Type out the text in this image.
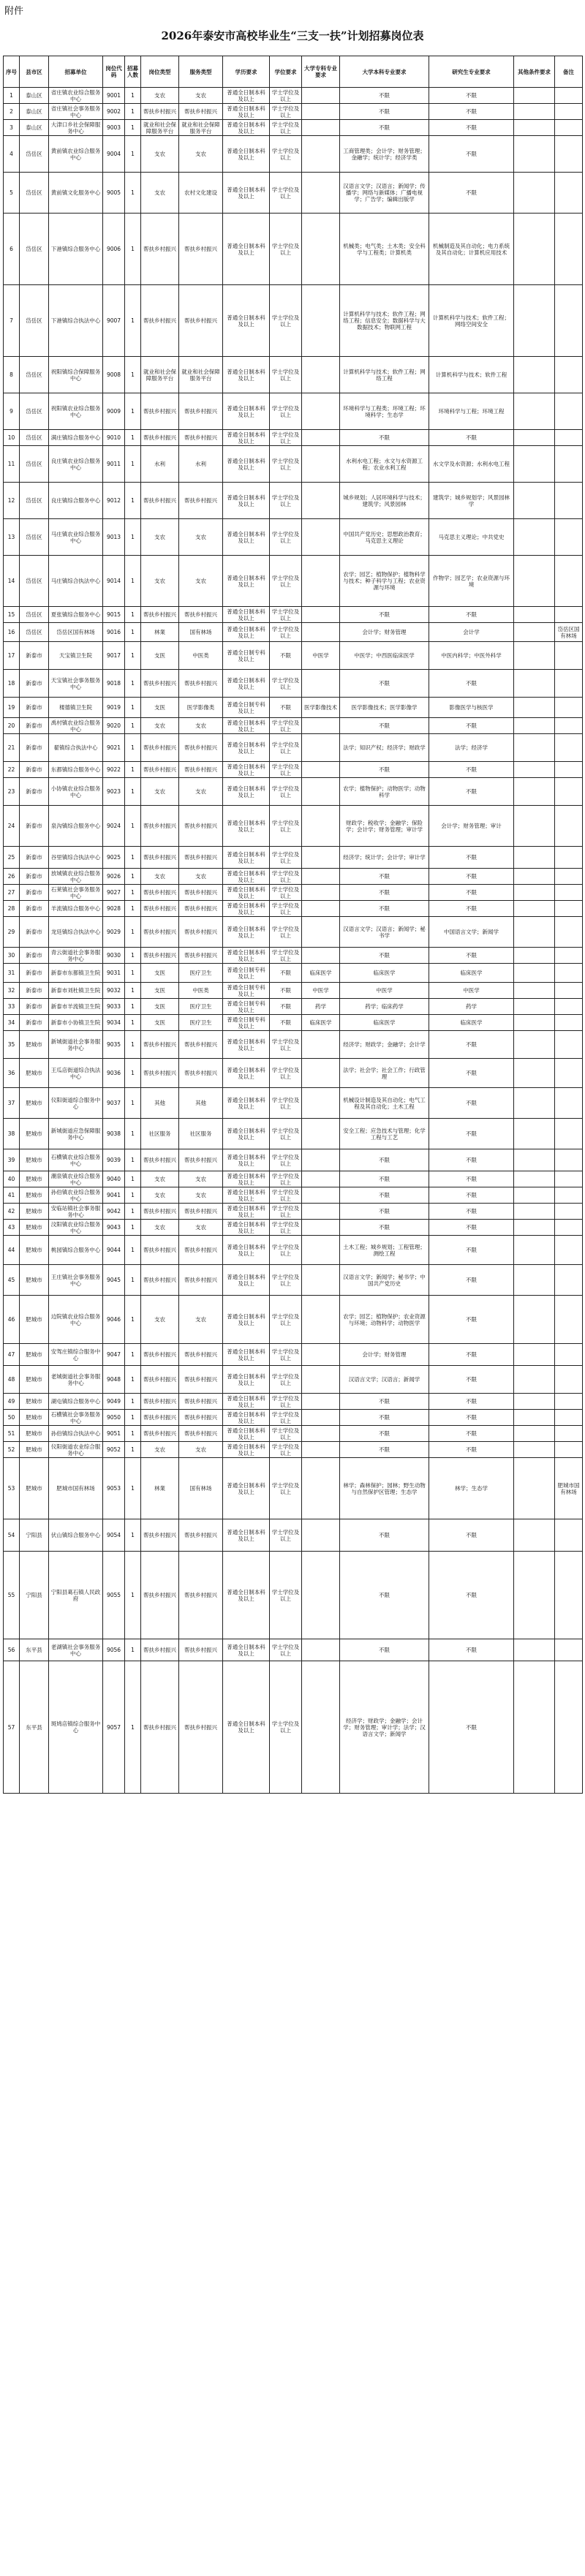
附件
2026年泰安市高校毕业生“三支一扶”计划招募岗位表
序号	县市区	招募单位	岗位代码	招募人数	岗位类型	服务类型	学历要求	学位要求	大学专科专业要求	大学本科专业要求	研究生专业要求	其他条件要求	备注
1	泰山区	省庄镇农业综合服务中心	9001	1	支农	支农	普通全日制本科及以上	学士学位及以上		不限	不限		
2	泰山区	省庄镇社会事务服务中心	9002	1	帮扶乡村振兴	帮扶乡村振兴	普通全日制本科及以上	学士学位及以上		不限	不限		
3	泰山区	大津口乡社会保障服务中心	9003	1	就业和社会保障服务平台	就业和社会保障服务平台	普通全日制本科及以上	学士学位及以上		不限	不限		
4	岱岳区	黄前镇农业综合服务中心	9004	1	支农	支农	普通全日制本科及以上	学士学位及以上		工商管理类；会计学；财务管理；金融学；统计学；经济学类	不限		
5	岱岳区	黄前镇文化服务中心	9005	1	支农	农村文化建设	普通全日制本科及以上	学士学位及以上		汉语言文学；汉语言；新闻学；传播学；网络与新媒体；广播电视学；广告学；编辑出版学	不限		
6	岱岳区	下港镇综合服务中心	9006	1	帮扶乡村振兴	帮扶乡村振兴	普通全日制本科及以上	学士学位及以上		机械类；电气类；土木类；安全科学与工程类；计算机类	机械制造及其自动化；电力系统及其自动化；计算机应用技术		
7	岱岳区	下港镇综合执法中心	9007	1	帮扶乡村振兴	帮扶乡村振兴	普通全日制本科及以上	学士学位及以上		计算机科学与技术；软件工程；网络工程；信息安全；数据科学与大数据技术；物联网工程	计算机科学与技术；软件工程；网络空间安全		
8	岱岳区	祝阳镇综合保障服务中心	9008	1	就业和社会保障服务平台	就业和社会保障服务平台	普通全日制本科及以上	学士学位及以上		计算机科学与技术；软件工程；网络工程	计算机科学与技术；软件工程		
9	岱岳区	祝阳镇农业综合服务中心	9009	1	帮扶乡村振兴	帮扶乡村振兴	普通全日制本科及以上	学士学位及以上		环境科学与工程类；环境工程；环境科学；生态学	环境科学与工程；环境工程		
10	岱岳区	满庄镇综合服务中心	9010	1	帮扶乡村振兴	帮扶乡村振兴	普通全日制本科及以上	学士学位及以上		不限	不限		
11	岱岳区	良庄镇农业综合服务中心	9011	1	水利	水利	普通全日制本科及以上	学士学位及以上		水利水电工程；水文与水资源工程；农业水利工程	水文学及水资源；水利水电工程		
12	岱岳区	良庄镇综合服务中心	9012	1	帮扶乡村振兴	帮扶乡村振兴	普通全日制本科及以上	学士学位及以上		城乡规划；人居环境科学与技术；建筑学；风景园林	建筑学；城乡规划学；风景园林学		
13	岱岳区	马庄镇农业综合服务中心	9013	1	支农	支农	普通全日制本科及以上	学士学位及以上		中国共产党历史；思想政治教育；马克思主义理论	马克思主义理论；中共党史		
14	岱岳区	马庄镇综合执法中心	9014	1	支农	支农	普通全日制本科及以上	学士学位及以上		农学；园艺；植物保护；植物科学与技术；种子科学与工程；农业资源与环境	作物学；园艺学；农业资源与环境		
15	岱岳区	夏张镇综合服务中心	9015	1	帮扶乡村振兴	帮扶乡村振兴	普通全日制本科及以上	学士学位及以上		不限	不限		
16	岱岳区	岱岳区国有林场	9016	1	林業	国有林场	普通全日制本科及以上	学士学位及以上		会计学；财务管理	会计学		岱岳区国有林场
17	新泰市	天宝镇卫生院	9017	1	支医	中医类	普通全日制专科及以上	不限	中医学	中医学；中西医临床医学	中医内科学；中医外科学		
18	新泰市	天宝镇社会事务服务中心	9018	1	帮扶乡村振兴	帮扶乡村振兴	普通全日制本科及以上	学士学位及以上		不限	不限		
19	新泰市	楼德镇卫生院	9019	1	支医	医学影像类	普通全日制专科及以上	不限	医学影像技术	医学影像技术；医学影像学	影像医学与核医学		
20	新泰市	禹村镇农业综合服务中心	9020	1	支农	支农	普通全日制本科及以上	学士学位及以上		不限	不限		
21	新泰市	翟镇综合执法中心	9021	1	帮扶乡村振兴	帮扶乡村振兴	普通全日制本科及以上	学士学位及以上		法学；知识产权；经济学；财政学	法学；经济学		
22	新泰市	东都镇综合服务中心	9022	1	帮扶乡村振兴	帮扶乡村振兴	普通全日制本科及以上	学士学位及以上		不限	不限		
23	新泰市	小协镇农业综合服务中心	9023	1	支农	支农	普通全日制本科及以上	学士学位及以上		农学；植物保护；动物医学；动物科学	不限		
24	新泰市	泉沟镇综合服务中心	9024	1	帮扶乡村振兴	帮扶乡村振兴	普通全日制本科及以上	学士学位及以上		财政学；税收学；金融学；保险学；会计学；财务管理；审计学	会计学；财务管理；审计		
25	新泰市	谷里镇综合执法中心	9025	1	帮扶乡村振兴	帮扶乡村振兴	普通全日制本科及以上	学士学位及以上		经济学；统计学；会计学；审计学	不限		
26	新泰市	放城镇农业综合服务中心	9026	1	支农	支农	普通全日制本科及以上	学士学位及以上		不限	不限		
27	新泰市	石莱镇社会事务服务中心	9027	1	帮扶乡村振兴	帮扶乡村振兴	普通全日制本科及以上	学士学位及以上		不限	不限		
28	新泰市	羊流镇综合服务中心	9028	1	帮扶乡村振兴	帮扶乡村振兴	普通全日制本科及以上	学士学位及以上		不限	不限		
29	新泰市	龙廷镇综合执法中心	9029	1	帮扶乡村振兴	帮扶乡村振兴	普通全日制本科及以上	学士学位及以上		汉语言文学；汉语言；新闻学；秘书学	中国语言文学；新闻学		
30	新泰市	青云街道社会事务服务中心	9030	1	帮扶乡村振兴	帮扶乡村振兴	普通全日制本科及以上	学士学位及以上		不限	不限		
31	新泰市	新泰市东都镇卫生院	9031	1	支医	医疗卫生	普通全日制专科及以上	不限	临床医学	临床医学	临床医学		
32	新泰市	新泰市刘杜镇卫生院	9032	1	支医	中医类	普通全日制专科及以上	不限	中医学	中医学	中医学		
33	新泰市	新泰市羊流镇卫生院	9033	1	支医	医疗卫生	普通全日制专科及以上	不限	药学	药学；临床药学	药学		
34	新泰市	新泰市小协镇卫生院	9034	1	支医	医疗卫生	普通全日制专科及以上	不限	临床医学	临床医学	临床医学		
35	肥城市	新城街道社会事务服务中心	9035	1	帮扶乡村振兴	帮扶乡村振兴	普通全日制本科及以上	学士学位及以上		经济学；财政学；金融学；会计学	不限		
36	肥城市	王瓜店街道综合执法中心	9036	1	帮扶乡村振兴	帮扶乡村振兴	普通全日制本科及以上	学士学位及以上		法学；社会学；社会工作；行政管理	不限		
37	肥城市	仪阳街道综合服务中心	9037	1	其他	其他	普通全日制本科及以上	学士学位及以上		机械设计制造及其自动化；电气工程及其自动化；土木工程	不限		
38	肥城市	新城街道应急保障服务中心	9038	1	社区服务	社区服务	普通全日制本科及以上	学士学位及以上		安全工程；应急技术与管理；化学工程与工艺	不限		
39	肥城市	石横镇农业综合服务中心	9039	1	帮扶乡村振兴	帮扶乡村振兴	普通全日制本科及以上	学士学位及以上		不限	不限		
40	肥城市	潮泉镇农业综合服务中心	9040	1	支农	支农	普通全日制本科及以上	学士学位及以上		不限	不限		
41	肥城市	孙伯镇农业综合服务中心	9041	1	支农	支农	普通全日制本科及以上	学士学位及以上		不限	不限		
42	肥城市	安临站镇社会事务服务中心	9042	1	帮扶乡村振兴	帮扶乡村振兴	普通全日制本科及以上	学士学位及以上		不限	不限		
43	肥城市	汶阳镇农业综合服务中心	9043	1	支农	支农	普通全日制本科及以上	学士学位及以上		不限	不限		
44	肥城市	桃园镇综合服务中心	9044	1	帮扶乡村振兴	帮扶乡村振兴	普通全日制本科及以上	学士学位及以上		土木工程；城乡规划；工程管理；测绘工程	不限		
45	肥城市	王庄镇社会事务服务中心	9045	1	帮扶乡村振兴	帮扶乡村振兴	普通全日制本科及以上	学士学位及以上		汉语言文学；新闻学；秘书学；中国共产党历史	不限		
46	肥城市	边院镇农业综合服务中心	9046	1	支农	支农	普通全日制本科及以上	学士学位及以上		农学；园艺；植物保护；农业资源与环境；动物科学；动物医学	不限		
47	肥城市	安驾庄镇综合服务中心	9047	1	帮扶乡村振兴	帮扶乡村振兴	普通全日制本科及以上	学士学位及以上		会计学；财务管理	不限		
48	肥城市	老城街道社会事务服务中心	9048	1	帮扶乡村振兴	帮扶乡村振兴	普通全日制本科及以上	学士学位及以上		汉语言文学；汉语言；新闻学	不限		
49	肥城市	湖屯镇综合服务中心	9049	1	帮扶乡村振兴	帮扶乡村振兴	普通全日制本科及以上	学士学位及以上		不限	不限		
50	肥城市	石横镇社会事务服务中心	9050	1	帮扶乡村振兴	帮扶乡村振兴	普通全日制本科及以上	学士学位及以上		不限	不限		
51	肥城市	孙伯镇综合执法中心	9051	1	帮扶乡村振兴	帮扶乡村振兴	普通全日制本科及以上	学士学位及以上		不限	不限		
52	肥城市	仪阳街道农业综合服务中心	9052	1	支农	支农	普通全日制本科及以上	学士学位及以上		不限	不限		
53	肥城市	肥城市国有林场	9053	1	林業	国有林场	普通全日制本科及以上	学士学位及以上		林学；森林保护；园林；野生动物与自然保护区管理；生态学	林学；生态学		肥城市国有林场
54	宁阳县	伏山镇综合服务中心	9054	1	帮扶乡村振兴	帮扶乡村振兴	普通全日制本科及以上	学士学位及以上		不限	不限		
55	宁阳县	宁阳县葛石镇人民政府	9055	1	帮扶乡村振兴	帮扶乡村振兴	普通全日制本科及以上	学士学位及以上		不限	不限		
56	东平县	老湖镇社会事务服务中心	9056	1	帮扶乡村振兴	帮扶乡村振兴	普通全日制本科及以上	学士学位及以上		不限	不限		
57	东平县	斑鸠店镇综合服务中心	9057	1	帮扶乡村振兴	帮扶乡村振兴	普通全日制本科及以上	学士学位及以上		经济学；财政学；金融学；会计学；财务管理；审计学；法学；汉语言文学；新闻学	不限		
